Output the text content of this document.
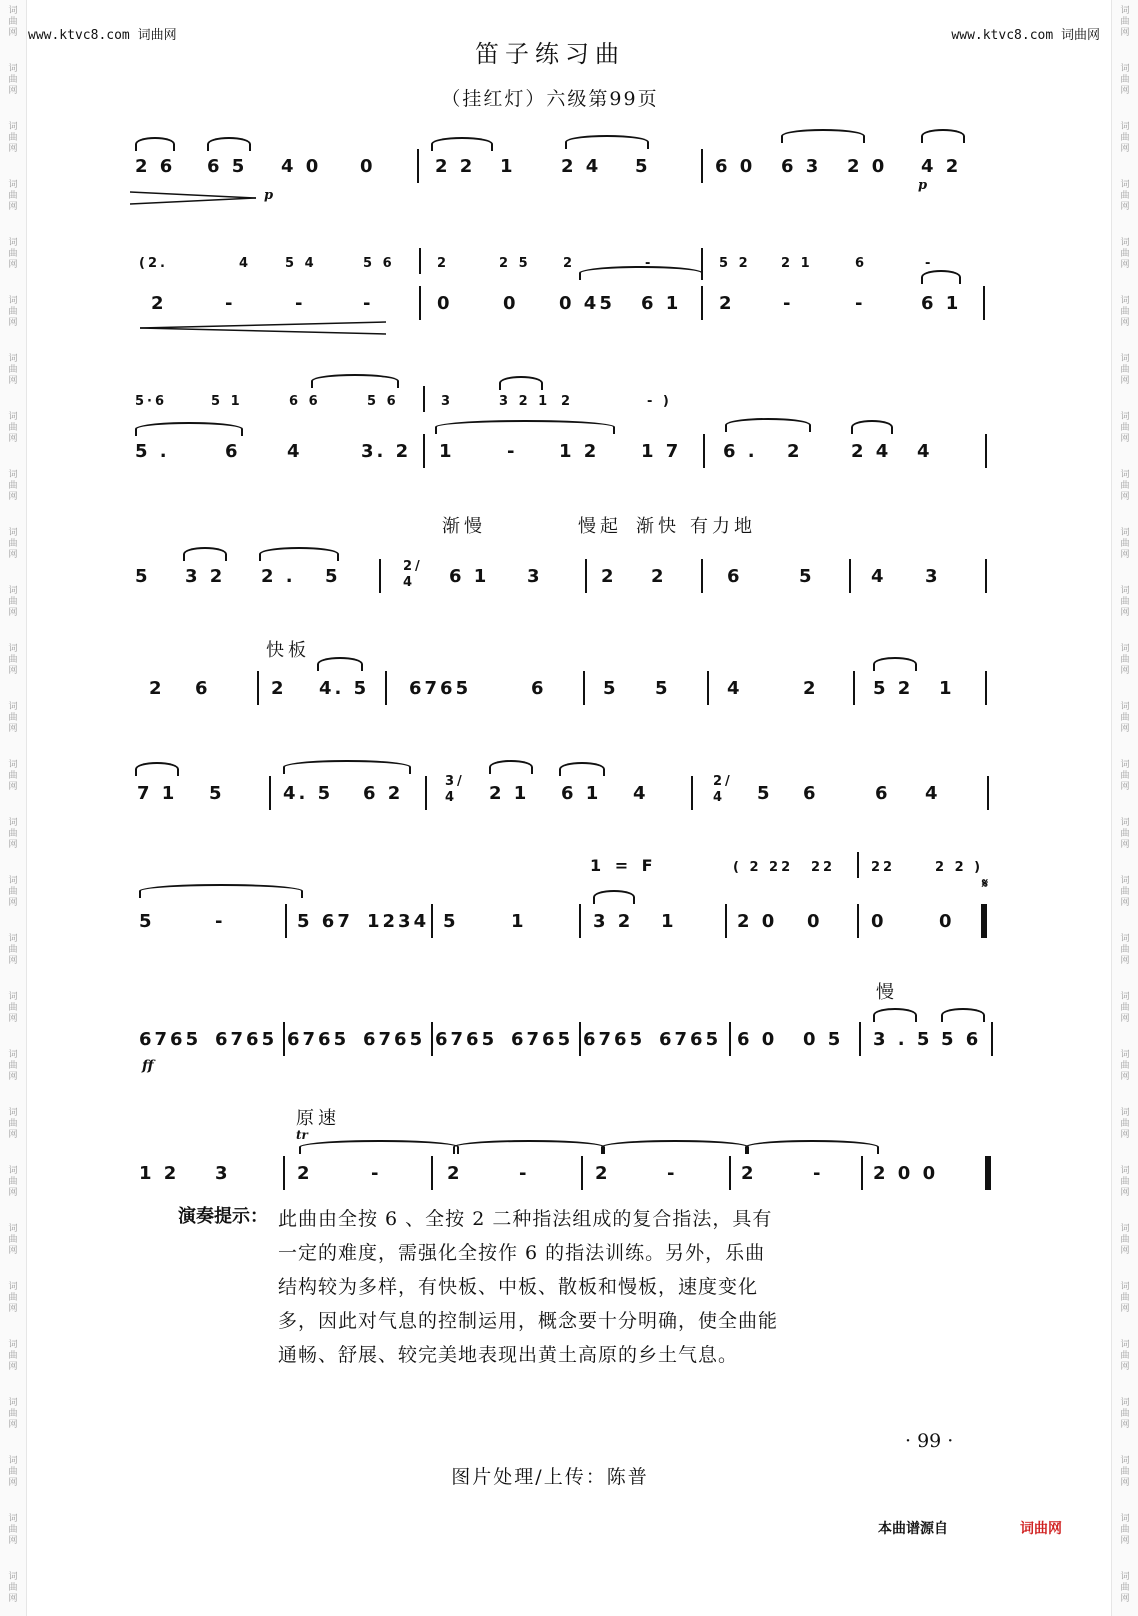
词
曲
网
词
曲
网
词
曲
网
词
曲
网
词
曲
网
词
曲
网
词
曲
网
词
曲
网
词
曲
网
词
曲
网
词
曲
网
词
曲
网
词
曲
网
词
曲
网
词
曲
网
词
曲
网
词
曲
网
词
曲
网
词
曲
网
词
曲
网
词
曲
网
词
曲
网
词
曲
网
词
曲
网
词
曲
网
词
曲
网
词
曲
网
词
曲
网
词
曲
网
词
曲
网
词
曲
网
词
曲
网
词
曲
网
词
曲
网
词
曲
网
词
曲
网
词
曲
网
词
曲
网
词
曲
网
词
曲
网
词
曲
网
词
曲
网
词
曲
网
词
曲
网
词
曲
网
词
曲
网
词
曲
网
词
曲
网
词
曲
网
词
曲
网
词
曲
网
词
曲
网
词
曲
网
词
曲
网
词
曲
网
词
曲
网
www.ktvc8.com 词曲网	www.ktvc8.com 词曲网
笛子练习曲
（挂红灯）六级第99页
2 6 6 5 4 0 0	2 2 1	2 4 5	6 0 6 3 2 0 4 2
p
p
(2.	4	5 4	5 6	2	2 5 2	-	5 2 2 1	6	-
2	-	-	-	0	0 0 45 6 1 2	-	-	6 1
5·6	5 1	6 6	5 6	3	3 2 1 2	- )
5 .	6	4	3. 2 1	- 1 2 1 7 6 . 2	2 4 4
渐慢	慢起 渐快 有力地
5 3 2 2 . 5	2/4 6 1 3	2 2	6	5	4 3
快板
2 6	2 4. 5 6765	6	5 5	4	2	5 2 1
7 1 5	4. 5 6 2
3/4 2 1 6 1 4
2/4 5 6	6 4
1 = F	( 2 22 22	22	2 2 )
𝄋
5	-	5 67 1234 5	1	3 2 1	2 0 0	0	0
慢
6765 6765 6765 6765 6765 6765 6765 6765 6 0 0 5 3 . 5 5 6
ff
原速
tr
1 2 3	2	-	2	-	2	-	2	-	2 0 0
演奏提示： 此曲由全按 6 、全按 2 二种指法组成的复合指法，具有一定的难度，需强化全按作 6 的指法训练。另外，乐曲结构较为多样，有快板、中板、散板和慢板，速度变化多，因此对气息的控制运用，概念要十分明确，使全曲能通畅、舒展、较完美地表现出黄土高原的乡土气息。
· 99 ·
图片处理/上传：陈普
本曲谱源自	词曲网
